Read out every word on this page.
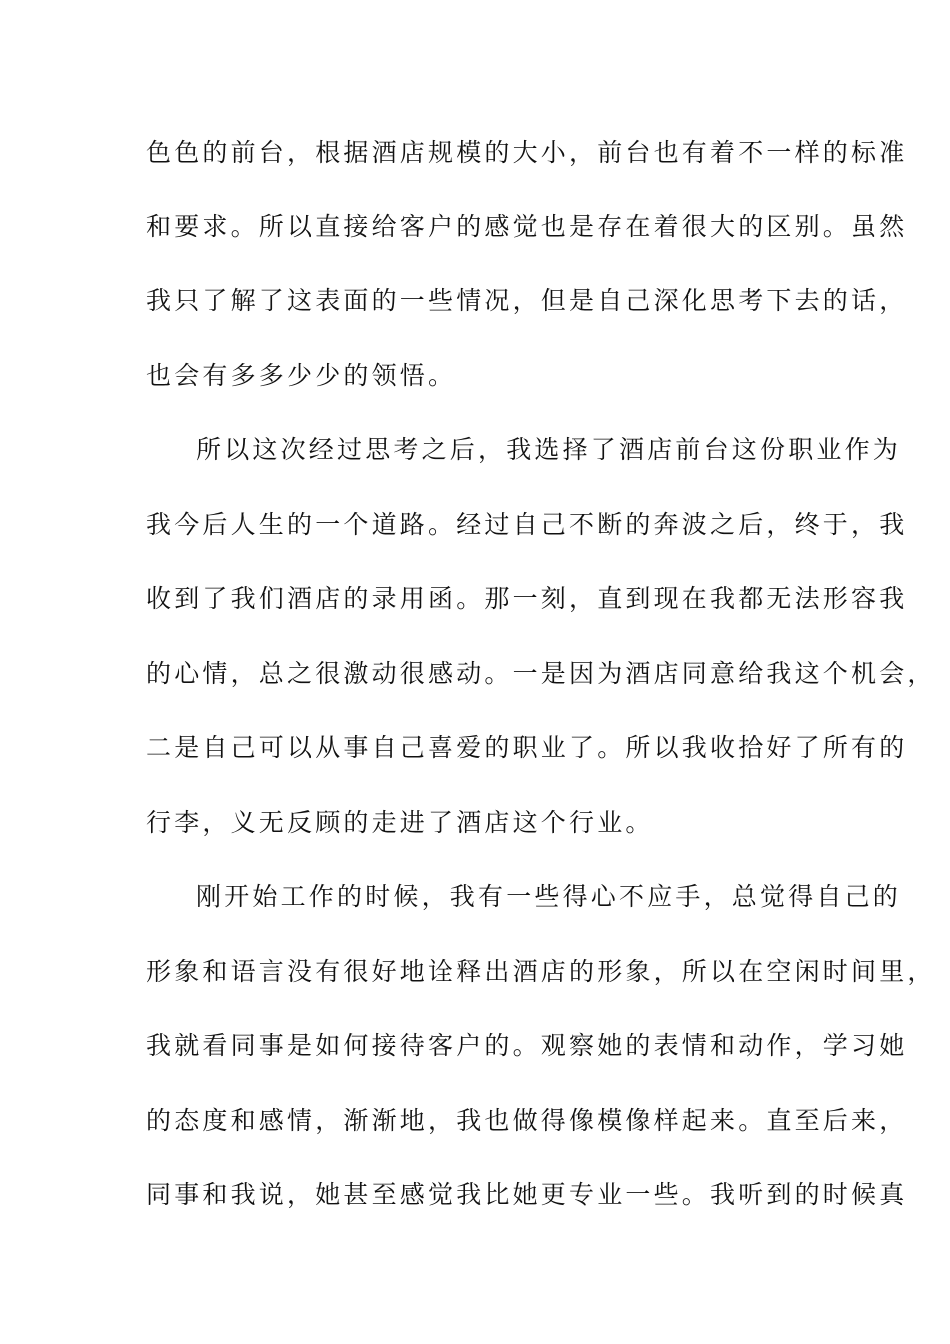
色色的前台，根据酒店规模的大小，前台也有着不一样的标准
和要求。所以直接给客户的感觉也是存在着很大的区别。虽然
我只了解了这表面的一些情况，但是自己深化思考下去的话，
也会有多多少少的领悟。
所以这次经过思考之后，我选择了酒店前台这份职业作为
我今后人生的一个道路。经过自己不断的奔波之后，终于，我
收到了我们酒店的录用函。那一刻，直到现在我都无法形容我
的心情，总之很激动很感动。一是因为酒店同意给我这个机会，
二是自己可以从事自己喜爱的职业了。所以我收拾好了所有的
行李，义无反顾的走进了酒店这个行业。
刚开始工作的时候，我有一些得心不应手，总觉得自己的
形象和语言没有很好地诠释出酒店的形象，所以在空闲时间里，
我就看同事是如何接待客户的。观察她的表情和动作，学习她
的态度和感情，渐渐地，我也做得像模像样起来。直至后来，
同事和我说，她甚至感觉我比她更专业一些。我听到的时候真
